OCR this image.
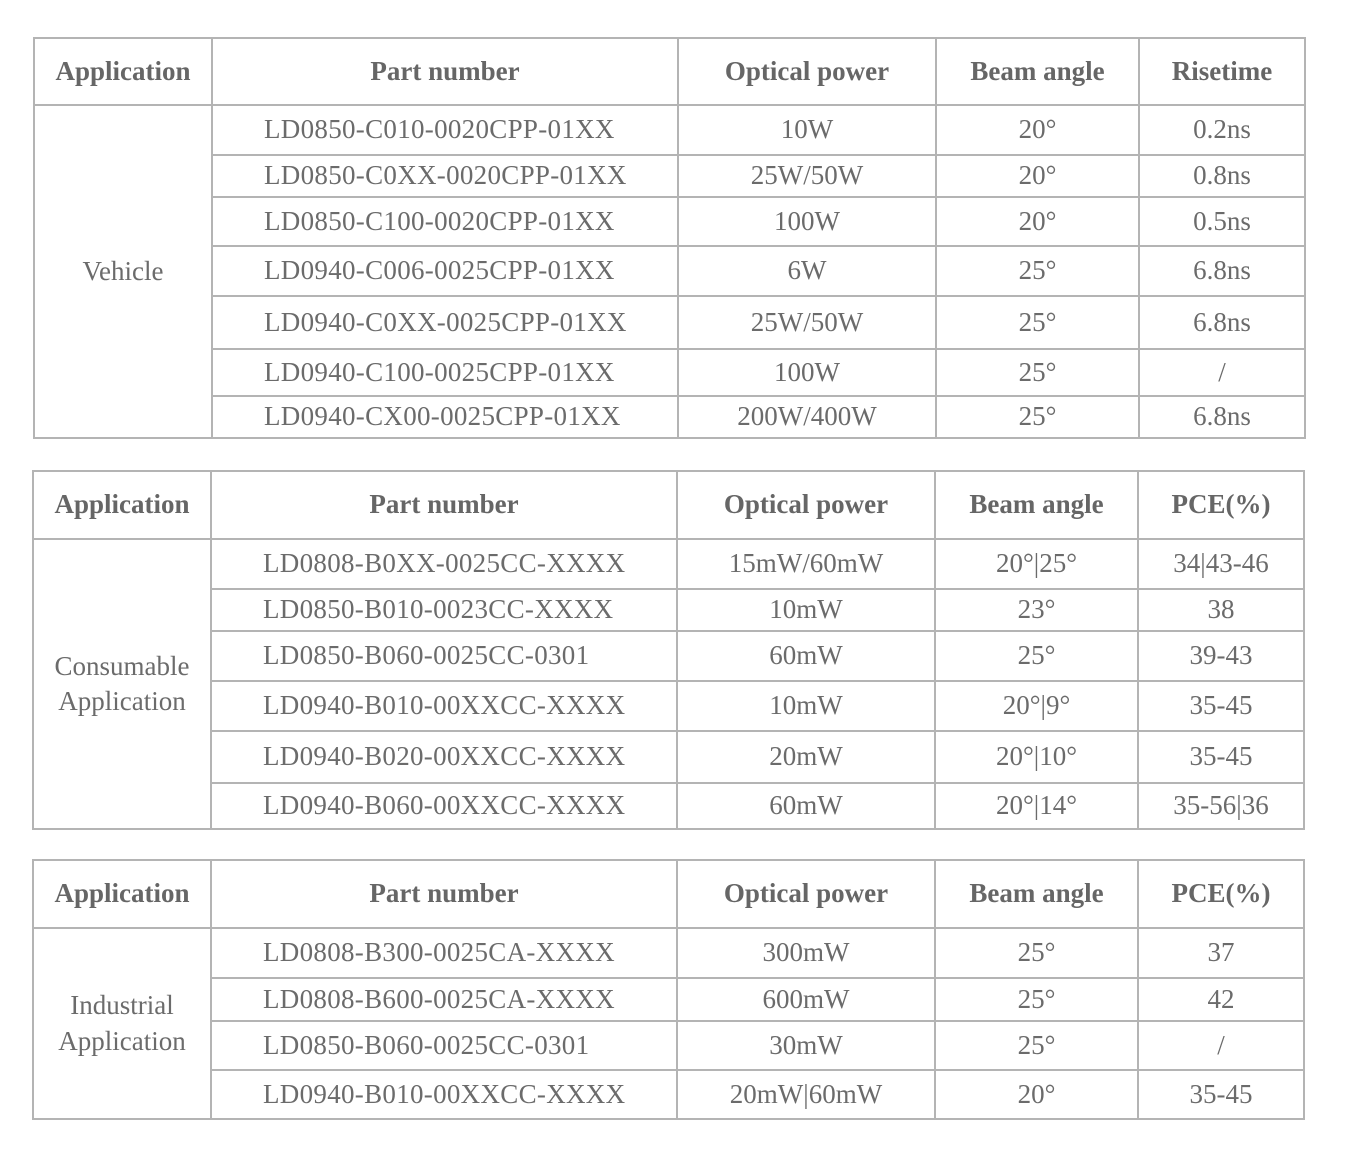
Application	Part number	Optical power	Beam angle	Risetime
Vehicle	LD0850-C010-0020CPP-01XX	10W	20°	0.2ns
	LD0850-C0XX-0020CPP-01XX	25W/50W	20°	0.8ns
	LD0850-C100-0020CPP-01XX	100W	20°	0.5ns
	LD0940-C006-0025CPP-01XX	6W	25°	6.8ns
	LD0940-C0XX-0025CPP-01XX	25W/50W	25°	6.8ns
	LD0940-C100-0025CPP-01XX	100W	25°	/
	LD0940-CX00-0025CPP-01XX	200W/400W	25°	6.8ns
Application	Part number	Optical power	Beam angle	PCE(%)
Consumable Application	LD0808-B0XX-0025CC-XXXX	15mW/60mW	20°|25°	34|43-46
	LD0850-B010-0023CC-XXXX	10mW	23°	38
	LD0850-B060-0025CC-0301	60mW	25°	39-43
	LD0940-B010-00XXCC-XXXX	10mW	20°|9°	35-45
	LD0940-B020-00XXCC-XXXX	20mW	20°|10°	35-45
	LD0940-B060-00XXCC-XXXX	60mW	20°|14°	35-56|36
Application	Part number	Optical power	Beam angle	PCE(%)
Industrial Application	LD0808-B300-0025CA-XXXX	300mW	25°	37
	LD0808-B600-0025CA-XXXX	600mW	25°	42
	LD0850-B060-0025CC-0301	30mW	25°	/
	LD0940-B010-00XXCC-XXXX	20mW|60mW	20°	35-45
